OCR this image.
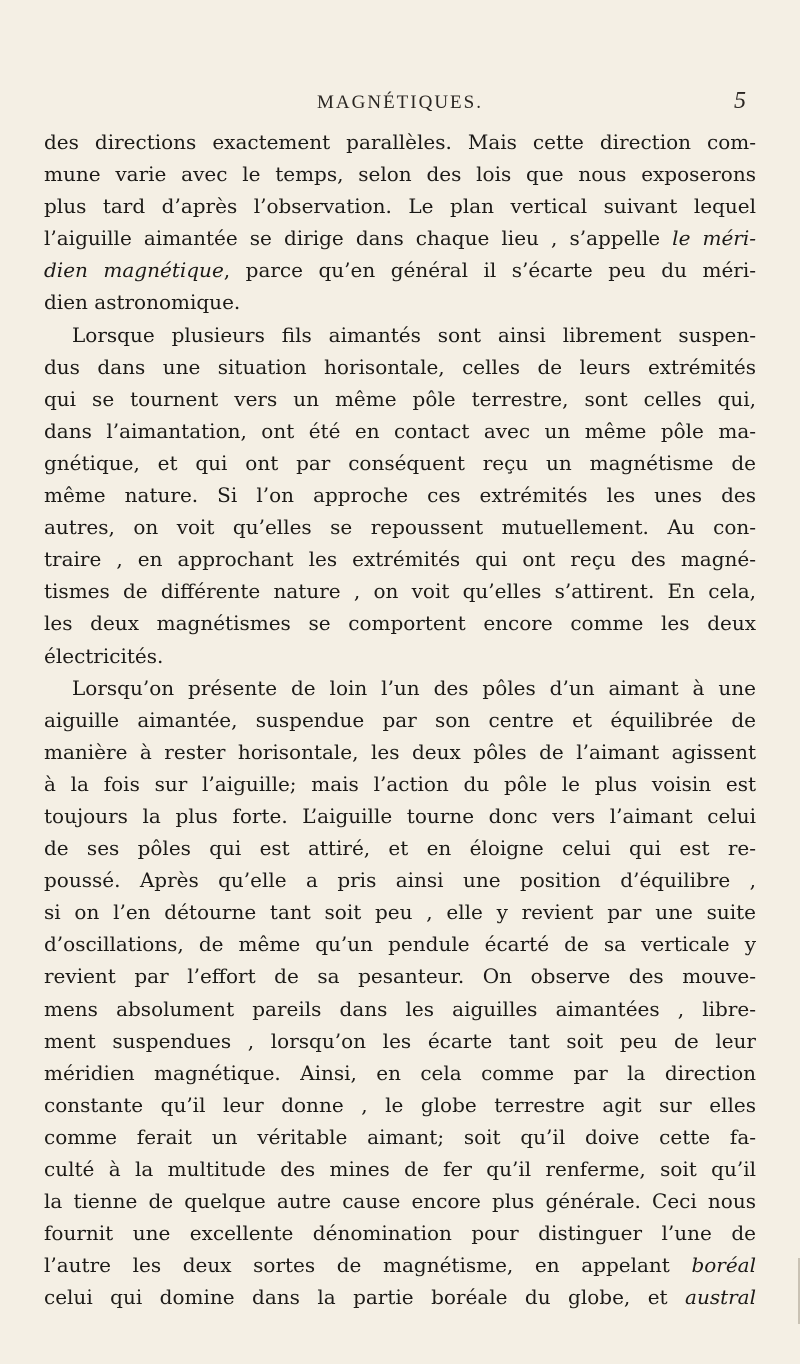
MAGNÉTIQUES.	5
des directions exactement parallèles. Mais cette direction com-
mune varie avec le temps, selon des lois que nous exposerons
plus tard d’après l’observation. Le plan vertical suivant lequel
l’aiguille aimantée se dirige dans chaque lieu , s’appelle le méri-
dien magnétique, parce qu’en général il s’écarte peu du méri-
dien astronomique.
Lorsque plusieurs fils aimantés sont ainsi librement suspen-
dus dans une situation horisontale, celles de leurs extrémités
qui se tournent vers un même pôle terrestre, sont celles qui,
dans l’aimantation, ont été en contact avec un même pôle ma-
gnétique, et qui ont par conséquent reçu un magnétisme de
même nature. Si l’on approche ces extrémités les unes des
autres, on voit qu’elles se repoussent mutuellement. Au con-
traire , en approchant les extrémités qui ont reçu des magné-
tismes de différente nature , on voit qu’elles s’attirent. En cela,
les deux magnétismes se comportent encore comme les deux
électricités.
Lorsqu’on présente de loin l’un des pôles d’un aimant à une
aiguille aimantée, suspendue par son centre et équilibrée de
manière à rester horisontale, les deux pôles de l’aimant agissent
à la fois sur l’aiguille; mais l’action du pôle le plus voisin est
toujours la plus forte. L’aiguille tourne donc vers l’aimant celui
de ses pôles qui est attiré, et en éloigne celui qui est re-
poussé. Après qu’elle a pris ainsi une position d’équilibre ,
si on l’en détourne tant soit peu , elle y revient par une suite
d’oscillations, de même qu’un pendule écarté de sa verticale y
revient par l’effort de sa pesanteur. On observe des mouve-
mens absolument pareils dans les aiguilles aimantées , libre-
ment suspendues , lorsqu’on les écarte tant soit peu de leur
méridien magnétique. Ainsi, en cela comme par la direction
constante qu’il leur donne , le globe terrestre agit sur elles
comme ferait un véritable aimant; soit qu’il doive cette fa-
culté à la multitude des mines de fer qu’il renferme, soit qu’il
la tienne de quelque autre cause encore plus générale. Ceci nous
fournit une excellente dénomination pour distinguer l’une de
l’autre les deux sortes de magnétisme, en appelant boréal
celui qui domine dans la partie boréale du globe, et austral
